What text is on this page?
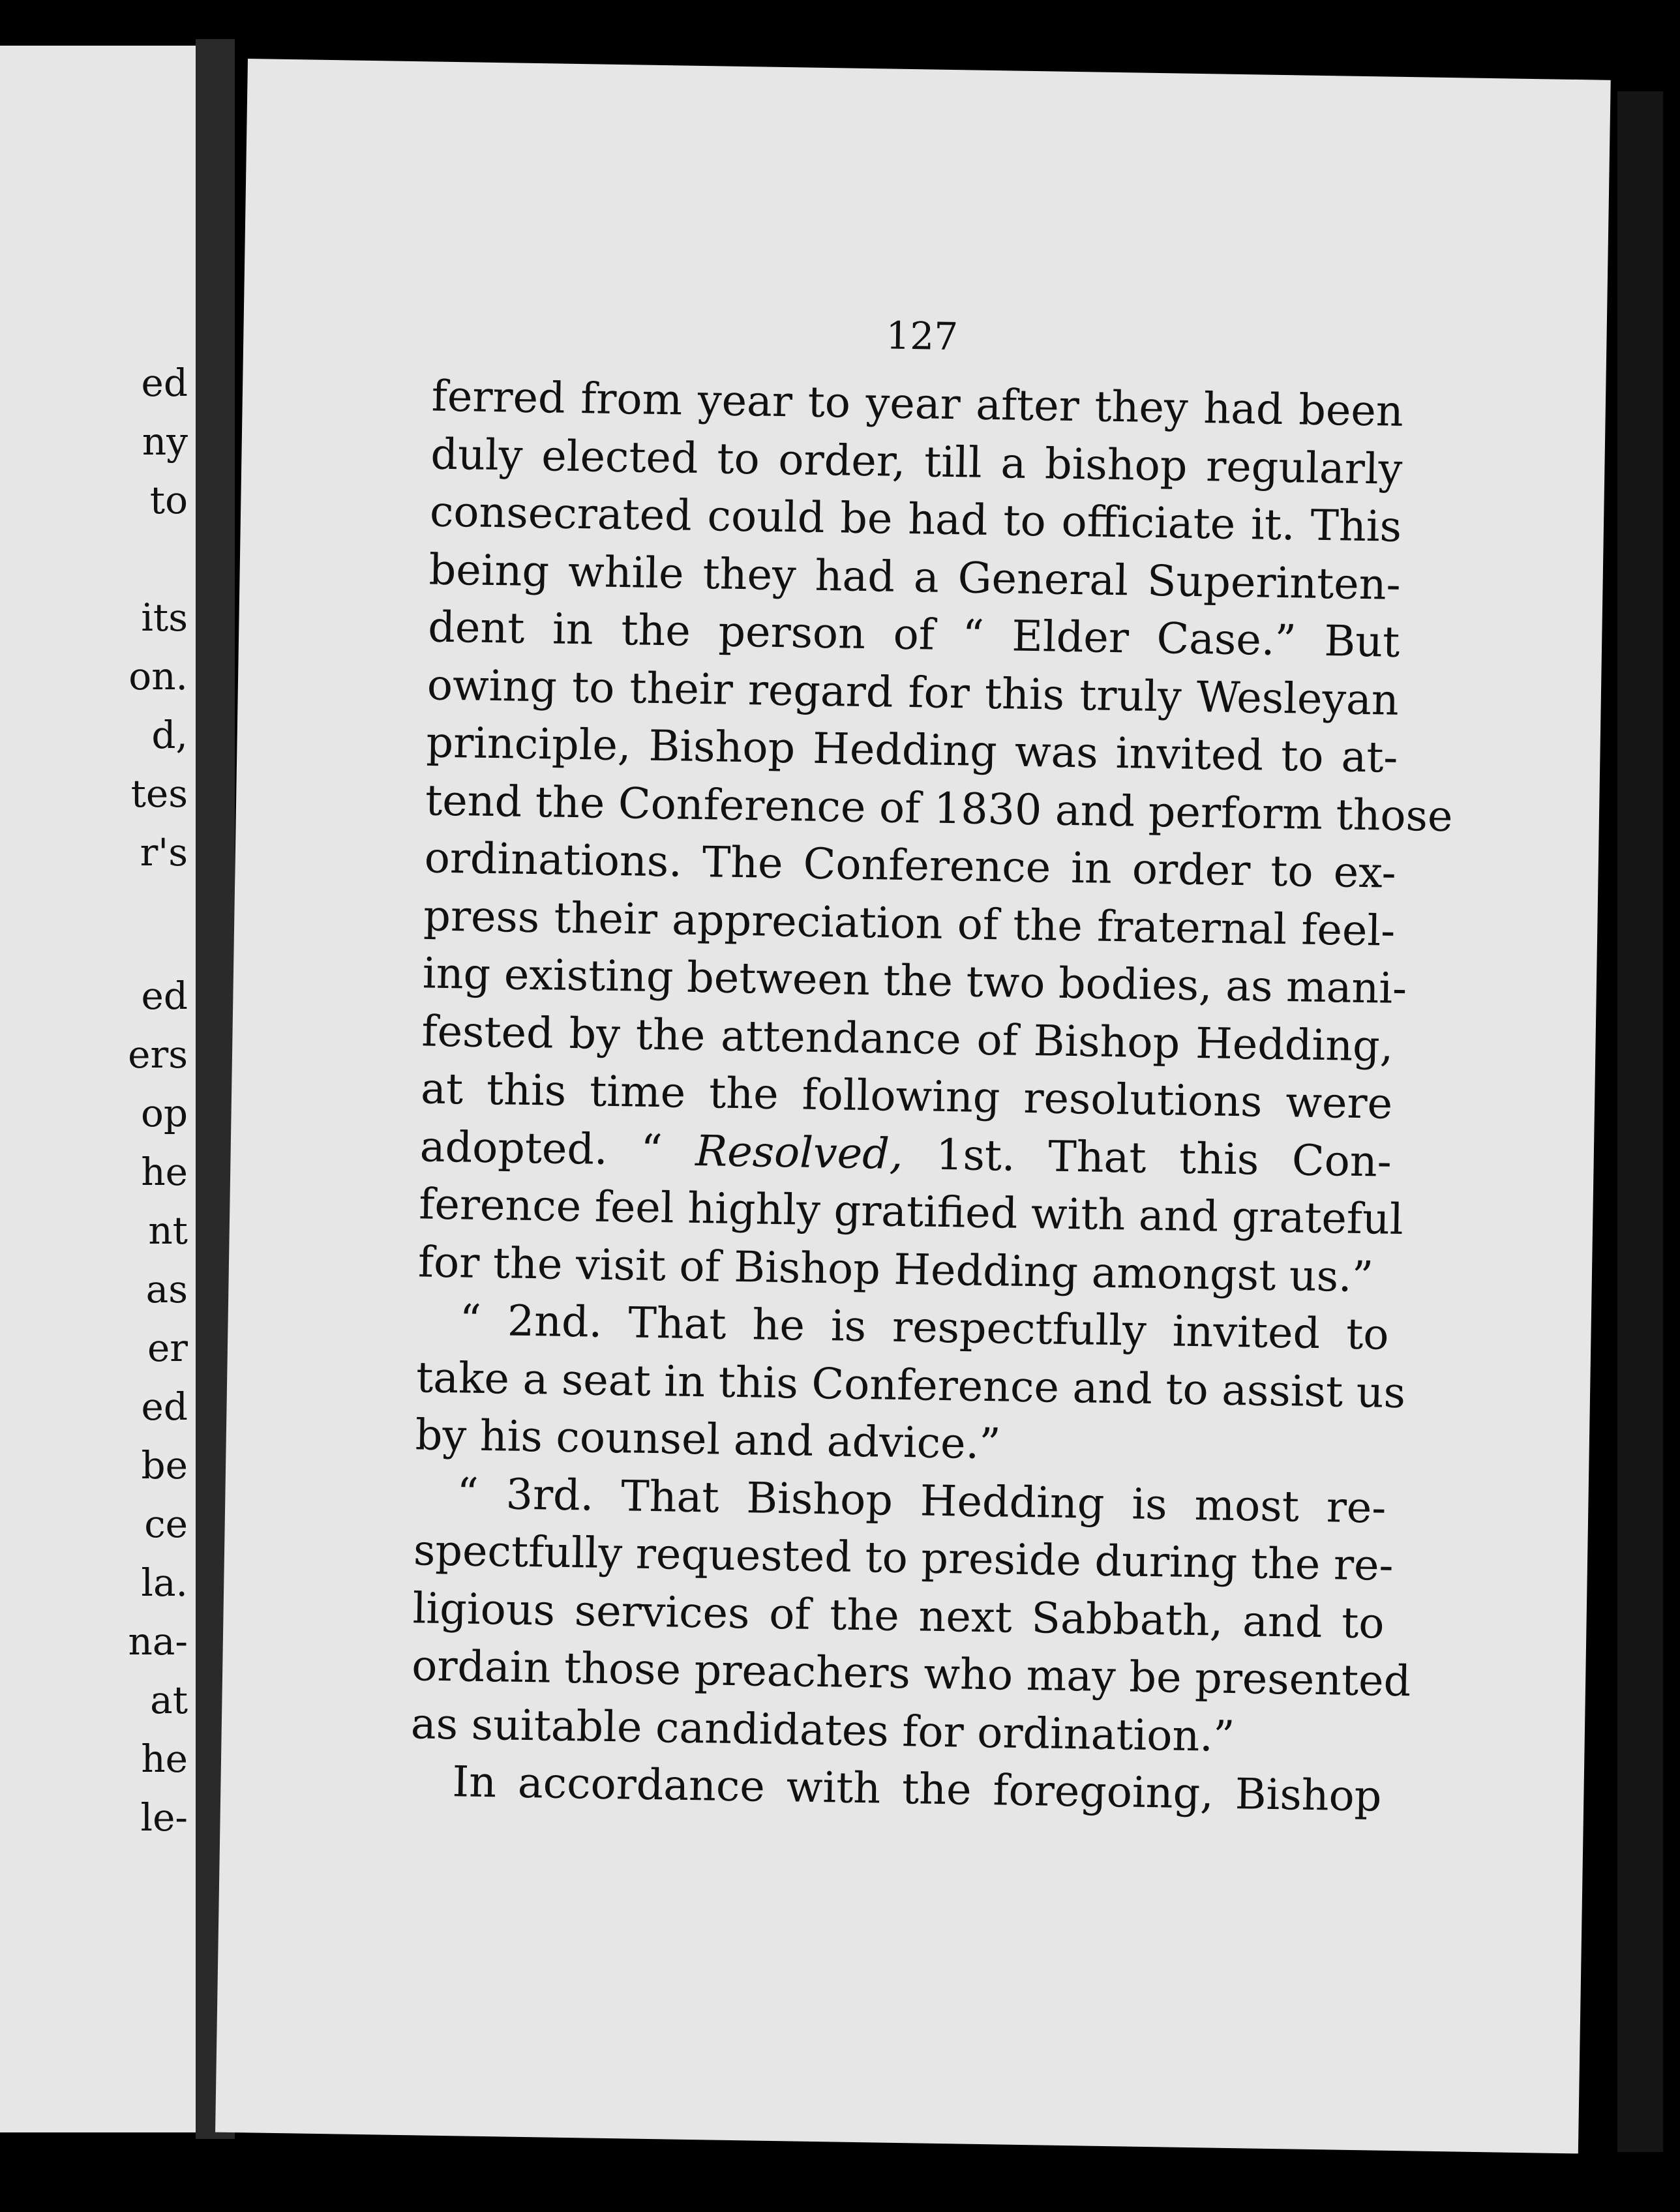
ed
ny
to
its
on.
d,
tes
r's
ed
ers
op
he
nt
as
er
ed
be
ce
la.
na-
at
he
le-
127
ferred from year to year after they had been
duly elected to order, till a bishop regularly
consecrated could be had to officiate it. This
being while they had a General Superinten-
dent in the person of “ Elder Case.” But
owing to their regard for this truly Wesleyan
principle, Bishop Hedding was invited to at-
tend the Conference of 1830 and perform those
ordinations. The Conference in order to ex-
press their appreciation of the fraternal feel-
ing existing between the two bodies, as mani-
fested by the attendance of Bishop Hedding,
at this time the following resolutions were
adopted. “ Resolved, 1st. That this Con-
ference feel highly gratified with and grateful
for the visit of Bishop Hedding amongst us.”
“ 2nd. That he is respectfully invited to
take a seat in this Conference and to assist us
by his counsel and advice.”
“ 3rd. That Bishop Hedding is most re-
spectfully requested to preside during the re-
ligious services of the next Sabbath, and to
ordain those preachers who may be presented
as suitable candidates for ordination.”
In accordance with the foregoing, Bishop
